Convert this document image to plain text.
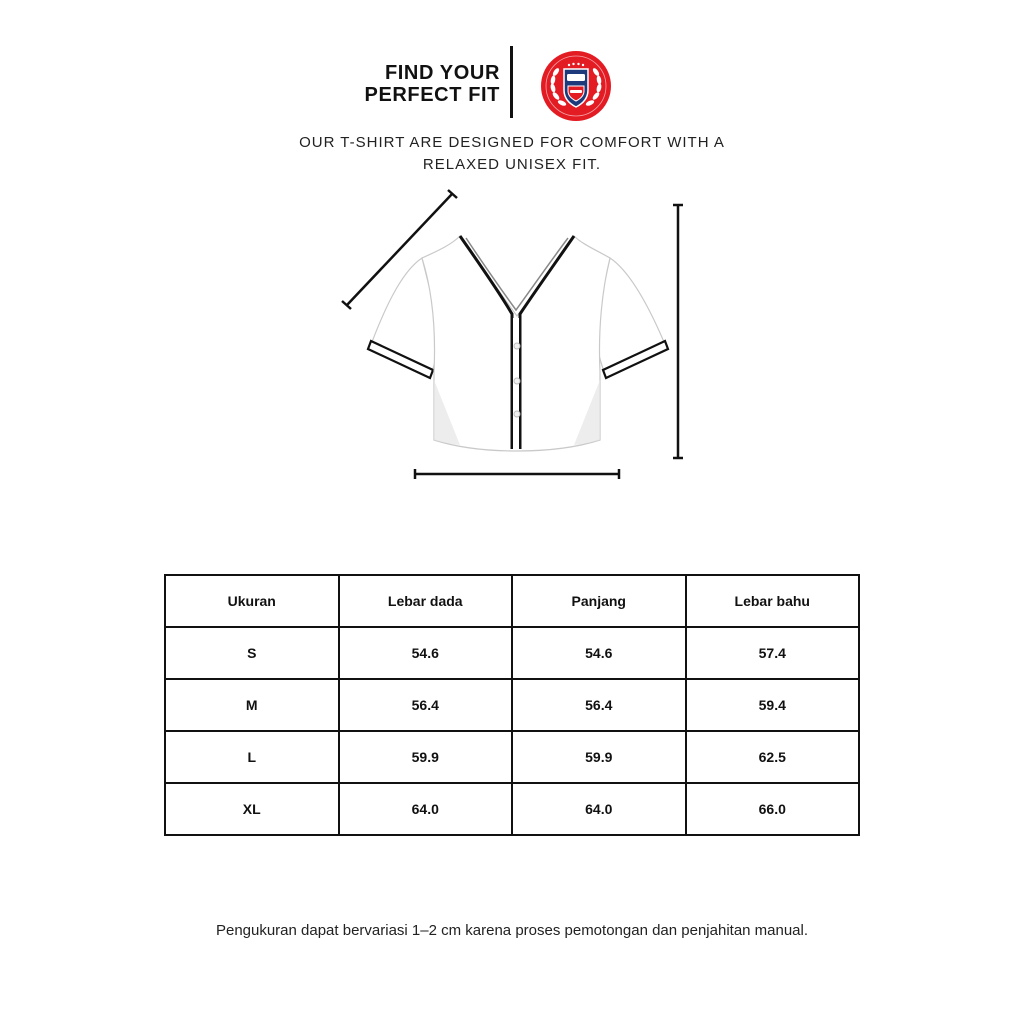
FIND YOUR
PERFECT FIT
OUR T-SHIRT ARE DESIGNED FOR COMFORT WITH A
RELAXED UNISEX FIT.
Ukuran	Lebar dada	Panjang	Lebar bahu
S	54.6	54.6	57.4
M	56.4	56.4	59.4
L	59.9	59.9	62.5
XL	64.0	64.0	66.0
Pengukuran dapat bervariasi 1–2 cm karena proses pemotongan dan penjahitan manual.
